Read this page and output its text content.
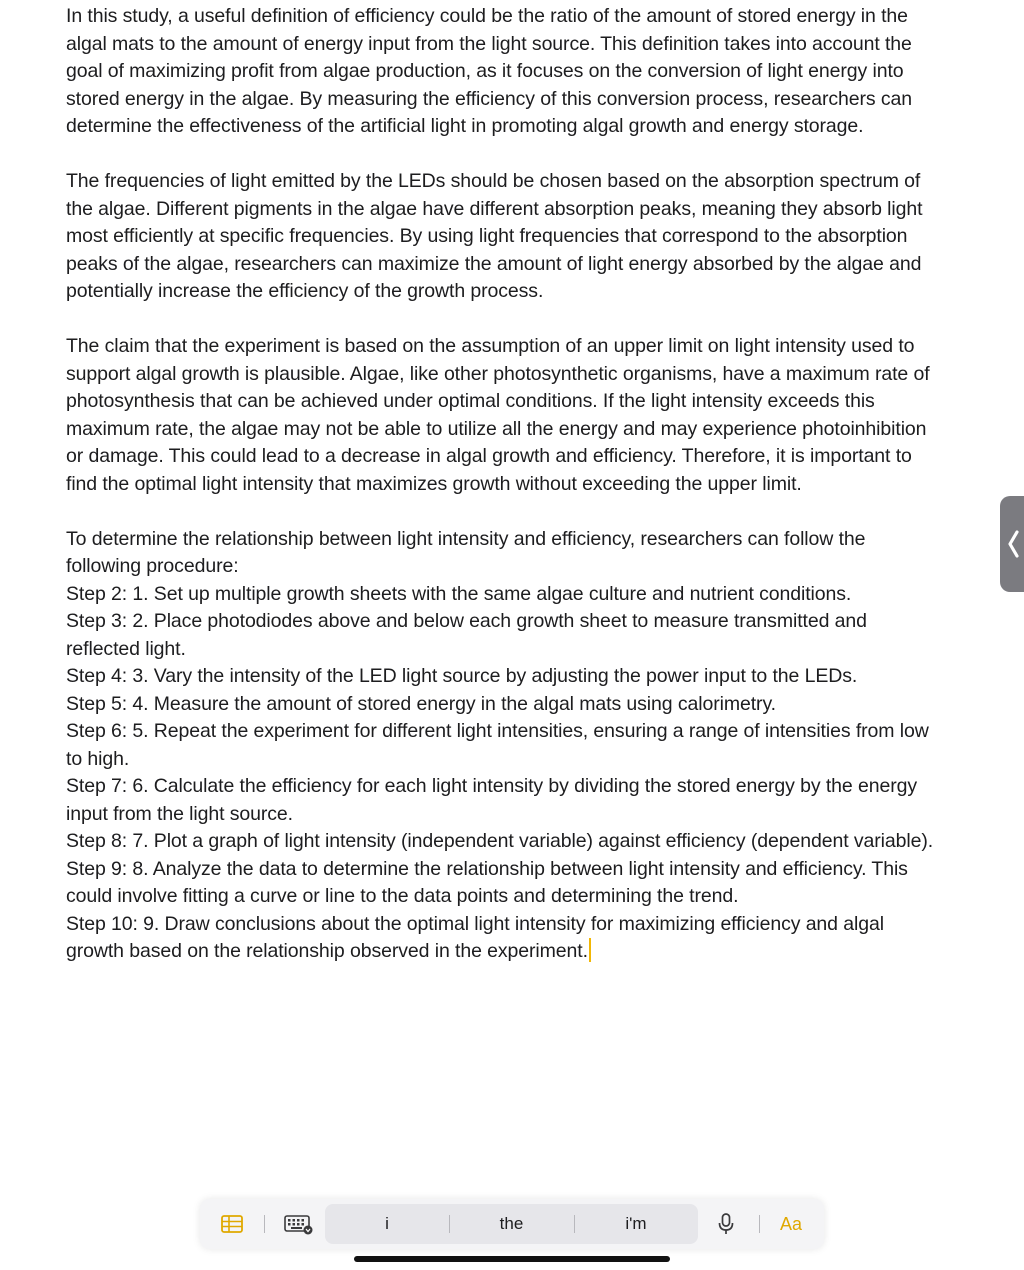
In this study, a useful definition of efficiency could be the ratio of the amount of stored energy in the
algal mats to the amount of energy input from the light source. This definition takes into account the
goal of maximizing profit from algae production, as it focuses on the conversion of light energy into
stored energy in the algae. By measuring the efficiency of this conversion process, researchers can
determine the effectiveness of the artificial light in promoting algal growth and energy storage.

The frequencies of light emitted by the LEDs should be chosen based on the absorption spectrum of
the algae. Different pigments in the algae have different absorption peaks, meaning they absorb light
most efficiently at specific frequencies. By using light frequencies that correspond to the absorption
peaks of the algae, researchers can maximize the amount of light energy absorbed by the algae and
potentially increase the efficiency of the growth process.

The claim that the experiment is based on the assumption of an upper limit on light intensity used to
support algal growth is plausible. Algae, like other photosynthetic organisms, have a maximum rate of
photosynthesis that can be achieved under optimal conditions. If the light intensity exceeds this
maximum rate, the algae may not be able to utilize all the energy and may experience photoinhibition
or damage. This could lead to a decrease in algal growth and efficiency. Therefore, it is important to
find the optimal light intensity that maximizes growth without exceeding the upper limit.

To determine the relationship between light intensity and efficiency, researchers can follow the
following procedure:
Step 2: 1. Set up multiple growth sheets with the same algae culture and nutrient conditions.
Step 3: 2. Place photodiodes above and below each growth sheet to measure transmitted and
reflected light.
Step 4: 3. Vary the intensity of the LED light source by adjusting the power input to the LEDs.
Step 5: 4. Measure the amount of stored energy in the algal mats using calorimetry.
Step 6: 5. Repeat the experiment for different light intensities, ensuring a range of intensities from low
to high.
Step 7: 6. Calculate the efficiency for each light intensity by dividing the stored energy by the energy
input from the light source.
Step 8: 7. Plot a graph of light intensity (independent variable) against efficiency (dependent variable).
Step 9: 8. Analyze the data to determine the relationship between light intensity and efficiency. This
could involve fitting a curve or line to the data points and determining the trend.
Step 10: 9. Draw conclusions about the optimal light intensity for maximizing efficiency and algal
growth based on the relationship observed in the experiment.

i	the	i'm	Aa
